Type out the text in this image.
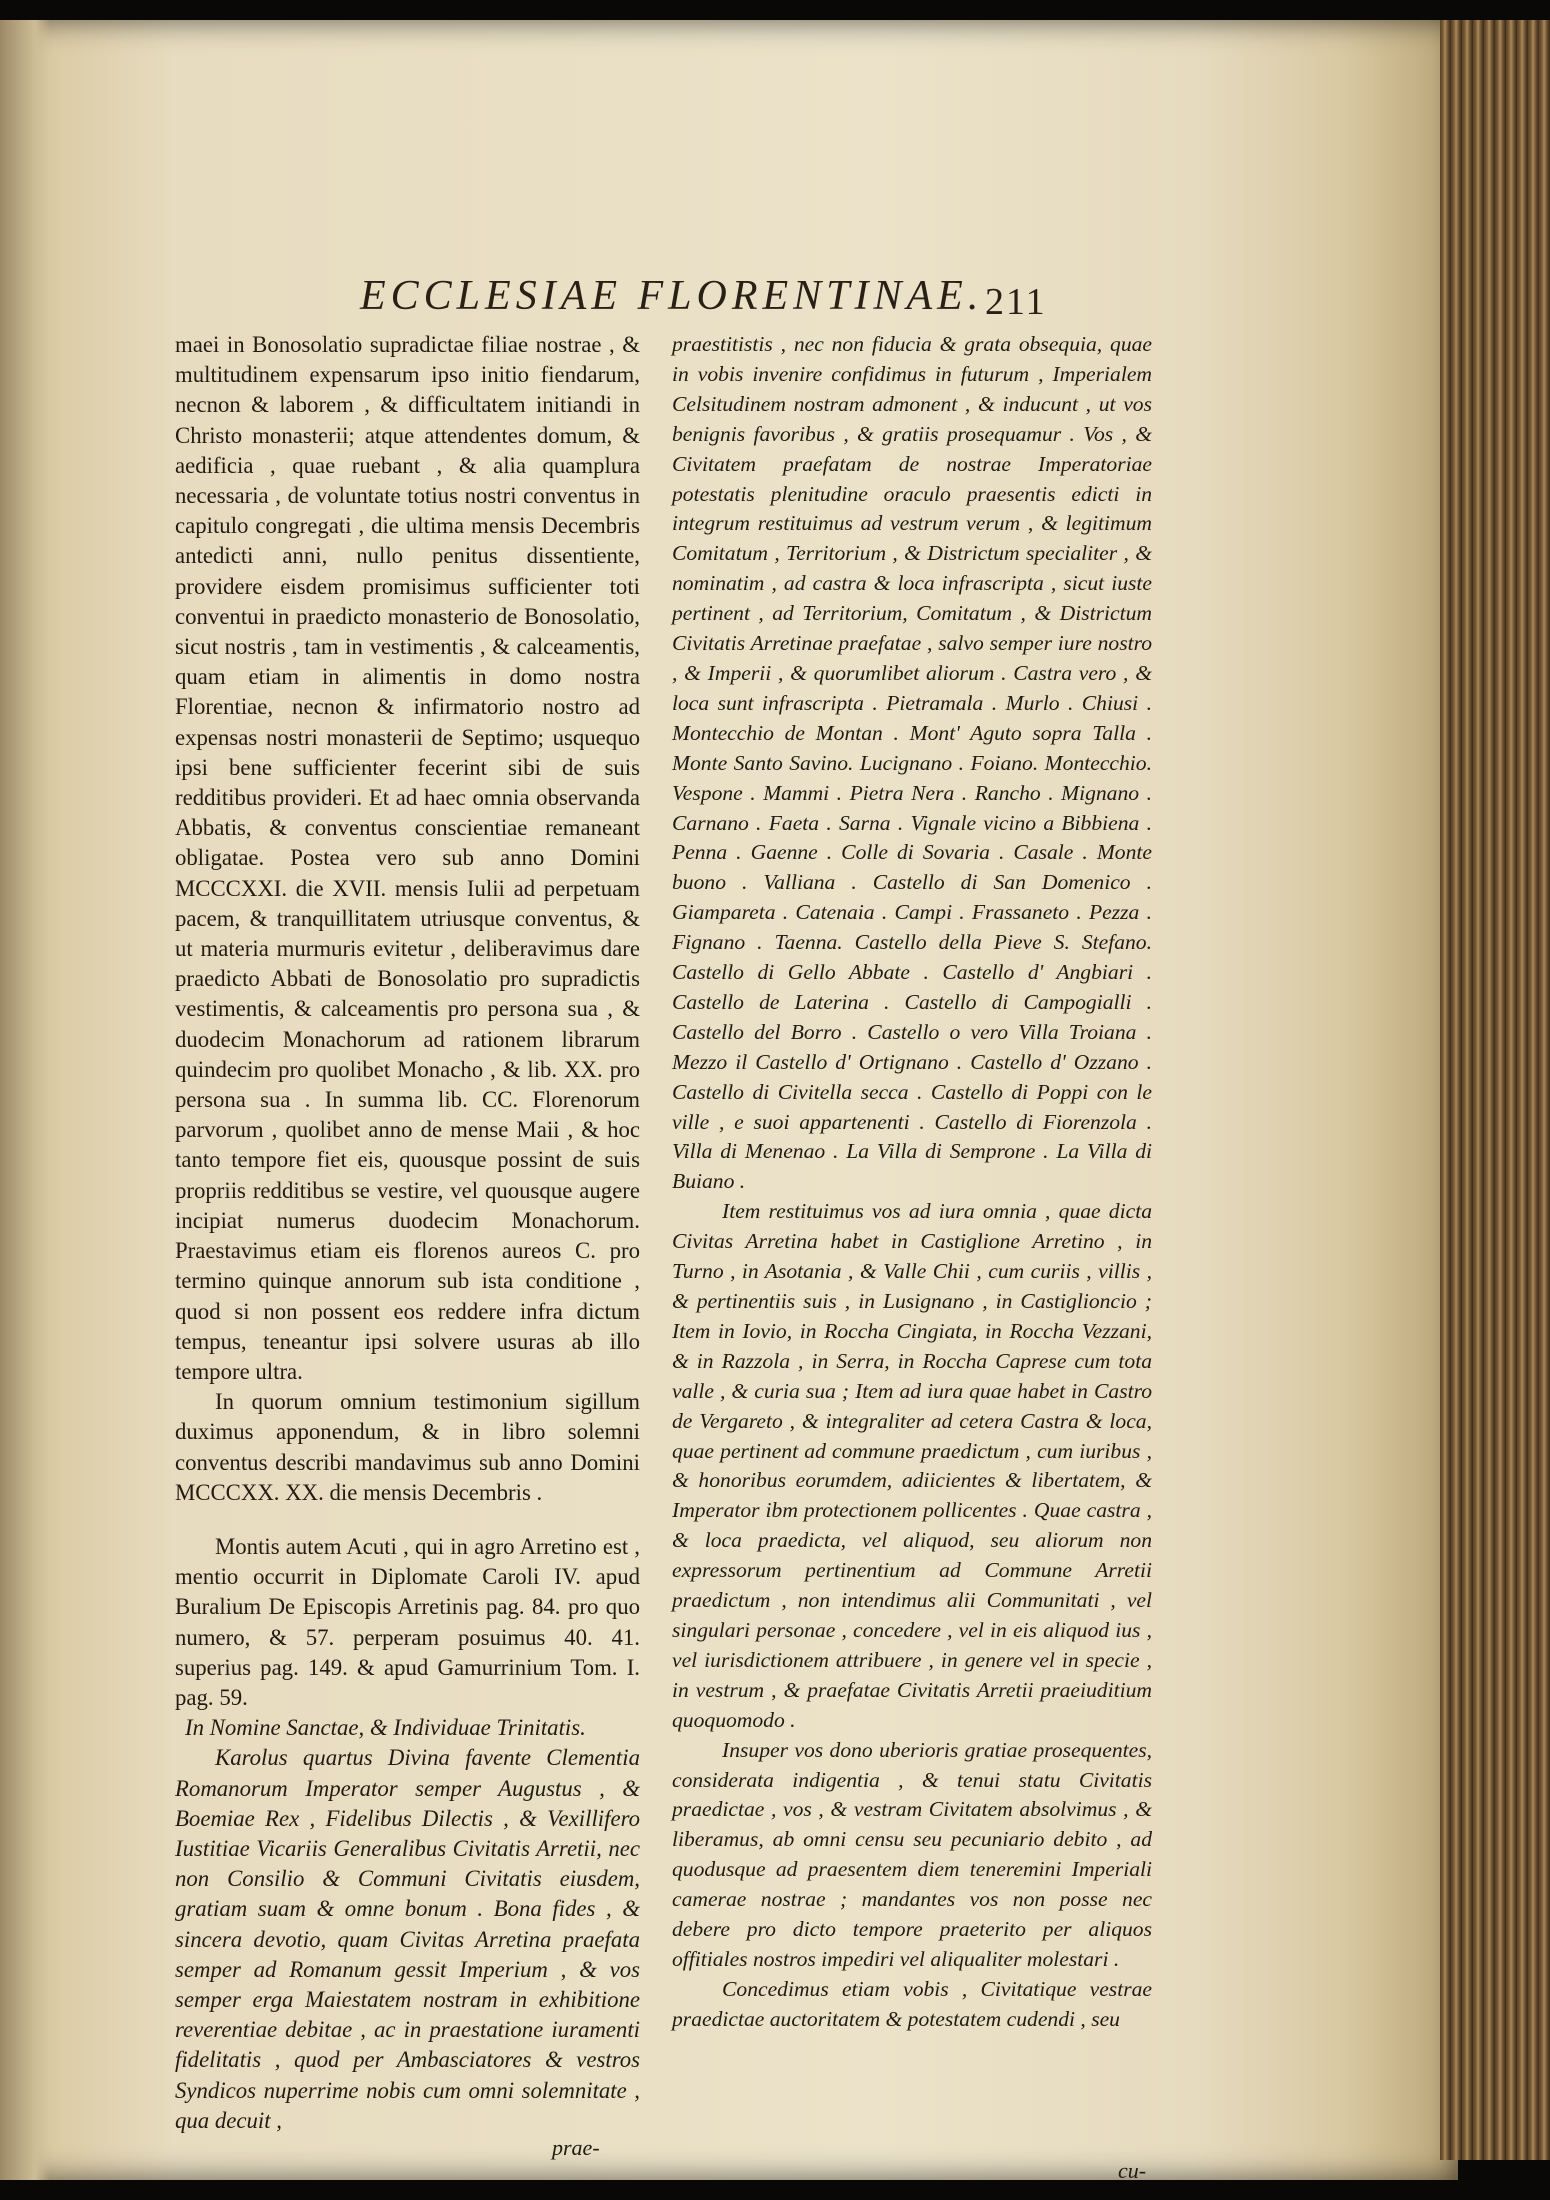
ECCLESIAE FLORENTINAE. 211

maei in Bonosolatio supradictae filiae nostrae , & multitudinem expensarum ipso initio fiendarum, necnon & laborem , & difficultatem initiandi in Christo monasterii; atque attendentes domum, & aedificia , quae ruebant , & alia quamplura necessaria , de voluntate totius nostri conventus in capitulo congregati , die ultima mensis Decembris antedicti anni, nullo penitus dissentiente, providere eisdem promisimus sufficienter toti conventui in praedicto monasterio de Bonosolatio, sicut nostris , tam in vestimentis , & calceamentis, quam etiam in alimentis in domo nostra Florentiae, necnon & infirmatorio nostro ad expensas nostri monasterii de Septimo; usquequo ipsi bene sufficienter fecerint sibi de suis redditibus provideri. Et ad haec omnia observanda Abbatis, & conventus conscientiae remaneant obligatae. Postea vero sub anno Domini MCCCXXI. die XVII. mensis Iulii ad perpetuam pacem, & tranquillitatem utriusque conventus, & ut materia murmuris evitetur , deliberavimus dare praedicto Abbati de Bonosolatio pro supradictis vestimentis, & calceamentis pro persona sua , & duodecim Monachorum ad rationem librarum quindecim pro quolibet Monacho , & lib. XX. pro persona sua . In summa lib. CC. Florenorum parvorum , quolibet anno de mense Maii , & hoc tanto tempore fiet eis, quousque possint de suis propriis redditibus se vestire, vel quousque augere incipiat numerus duodecim Monachorum. Praestavimus etiam eis florenos aureos C. pro termino quinque annorum sub ista conditione , quod si non possent eos reddere infra dictum tempus, teneantur ipsi solvere usuras ab illo tempore ultra.

In quorum omnium testimonium sigillum duximus apponendum, & in libro solemni conventus describi mandavimus sub anno Domini MCCCXX. XX. die mensis Decembris .

Montis autem Acuti , qui in agro Arretino est , mentio occurrit in Diplomate Caroli IV. apud Buralium De Episcopis Arretinis pag. 84. pro quo numero, & 57. perperam posuimus 40. 41. superius pag. 149. & apud Gamurrinium Tom. I. pag. 59.

In Nomine Sanctae, & Individuae Trinitatis.

Karolus quartus Divina favente Clementia Romanorum Imperator semper Augustus , & Boemiae Rex , Fidelibus Dilectis , & Vexillifero Iustitiae Vicariis Generalibus Civitatis Arretii, nec non Consilio & Communi Civitatis eiusdem, gratiam suam & omne bonum . Bona fides , & sincera devotio, quam Civitas Arretina praefata semper ad Romanum gessit Imperium , & vos semper erga Maiestatem nostram in exhibitione reverentiae debitae , ac in praestatione iuramenti fidelitatis , quod per Ambasciatores & vestros Syndicos nuperrime nobis cum omni solemnitate , qua decuit ,

praestitistis , nec non fiducia & grata obsequia, quae in vobis invenire confidimus in futurum , Imperialem Celsitudinem nostram admonent , & inducunt , ut vos benignis favoribus , & gratiis prosequamur . Vos , & Civitatem praefatam de nostrae Imperatoriae potestatis plenitudine oraculo praesentis edicti in integrum restituimus ad vestrum verum , & legitimum Comitatum , Territorium , & Districtum specialiter , & nominatim , ad castra & loca infrascripta , sicut iuste pertinent , ad Territorium, Comitatum , & Districtum Civitatis Arretinae praefatae , salvo semper iure nostro , & Imperii , & quorumlibet aliorum . Castra vero , & loca sunt infrascripta . Pietramala . Murlo . Chiusi . Montecchio de Montan . Mont' Aguto sopra Talla . Monte Santo Savino. Lucignano . Foiano. Montecchio. Vespone . Mammi . Pietra Nera . Rancho . Mignano . Carnano . Faeta . Sarna . Vignale vicino a Bibbiena . Penna . Gaenne . Colle di Sovaria . Casale . Monte buono . Valliana . Castello di San Domenico . Giampareta . Catenaia . Campi . Frassaneto . Pezza . Fignano . Taenna. Castello della Pieve S. Stefano. Castello di Gello Abbate . Castello d' Angbiari . Castello de Laterina . Castello di Campogialli . Castello del Borro . Castello o vero Villa Troiana . Mezzo il Castello d' Ortignano . Castello d' Ozzano . Castello di Civitella secca . Castello di Poppi con le ville , e suoi appartenenti . Castello di Fiorenzola . Villa di Menenao . La Villa di Semprone . La Villa di Buiano .

Item restituimus vos ad iura omnia , quae dicta Civitas Arretina habet in Castiglione Arretino , in Turno , in Asotania , & Valle Chii , cum curiis , villis , & pertinentiis suis , in Lusignano , in Castiglioncio ; Item in Iovio, in Roccha Cingiata, in Roccha Vezzani, & in Razzola , in Serra, in Roccha Caprese cum tota valle , & curia sua ; Item ad iura quae habet in Castro de Vergareto , & integraliter ad cetera Castra & loca, quae pertinent ad commune praedictum , cum iuribus , & honoribus eorumdem, adiicientes & libertatem, & Imperator ibm protectionem pollicentes . Quae castra , & loca praedicta, vel aliquod, seu aliorum non expressorum pertinentium ad Commune Arretii praedictum , non intendimus alii Communitati , vel singulari personae , concedere , vel in eis aliquod ius , vel iurisdictionem attribuere , in genere vel in specie , in vestrum , & praefatae Civitatis Arretii praeiuditium quoquomodo .

Insuper vos dono uberioris gratiae prosequentes, considerata indigentia , & tenui statu Civitatis praedictae , vos , & vestram Civitatem absolvimus , & liberamus, ab omni censu seu pecuniario debito , ad quodusque ad praesentem diem teneremini Imperiali camerae nostrae ; mandantes vos non posse nec debere pro dicto tempore praeterito per aliquos offitiales nostros impediri vel aliqualiter molestari .

Concedimus etiam vobis , Civitatique vestrae praedictae auctoritatem & potestatem cudendi , seu

prae-
cu-
